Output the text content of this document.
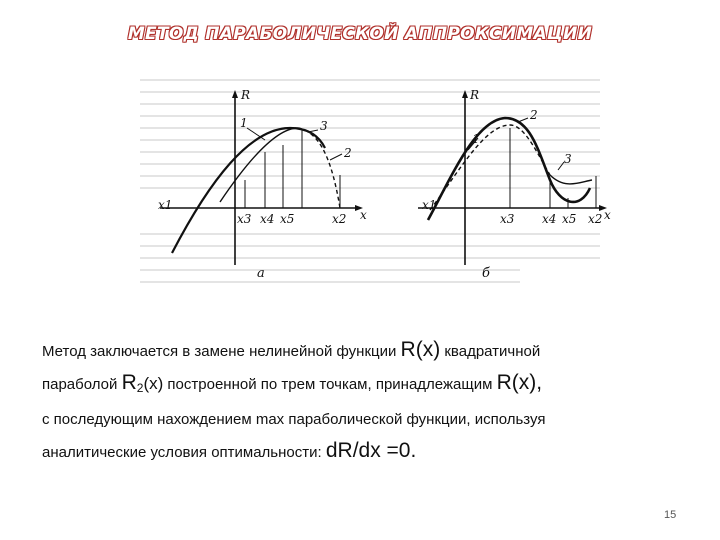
МЕТОД ПАРАБОЛИЧЕСКОЙ АППРОКСИМАЦИИ
R
x
x1
x3 x4 x5	x2
1	3
2
а
R
x
x1
x3 x4 x5 x2
1
2
3
б
Метод заключается в замене нелинейной функции R(x) квадратичной
параболой $R_2(x)$ построенной по трем точкам, принадлежащим R(x),
с последующим нахождением max параболической функции, используя
аналитические условия оптимальности: dR/dx =0.
15
